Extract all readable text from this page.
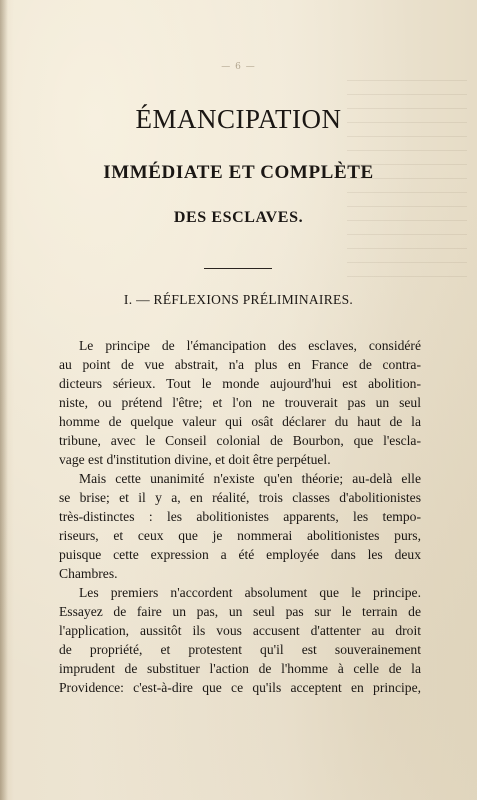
— 6 —
ÉMANCIPATION
IMMÉDIATE ET COMPLÈTE
DES ESCLAVES.
I. — RÉFLEXIONS PRÉLIMINAIRES.
Le principe de l'émancipation des esclaves, considéré
au point de vue abstrait, n'a plus en France de contra-
dicteurs sérieux. Tout le monde aujourd'hui est abolition-
niste, ou prétend l'être; et l'on ne trouverait pas un seul
homme de quelque valeur qui osât déclarer du haut de la
tribune, avec le Conseil colonial de Bourbon, que l'escla-
vage est d'institution divine, et doit être perpétuel.
Mais cette unanimité n'existe qu'en théorie; au-delà elle
se brise; et il y a, en réalité, trois classes d'abolitionistes
très-distinctes : les abolitionistes apparents, les tempo-
riseurs, et ceux que je nommerai abolitionistes purs,
puisque cette expression a été employée dans les deux
Chambres.
Les premiers n'accordent absolument que le principe.
Essayez de faire un pas, un seul pas sur le terrain de
l'application, aussitôt ils vous accusent d'attenter au droit
de propriété, et protestent qu'il est souverainement
imprudent de substituer l'action de l'homme à celle de la
Providence: c'est-à-dire que ce qu'ils acceptent en principe,
